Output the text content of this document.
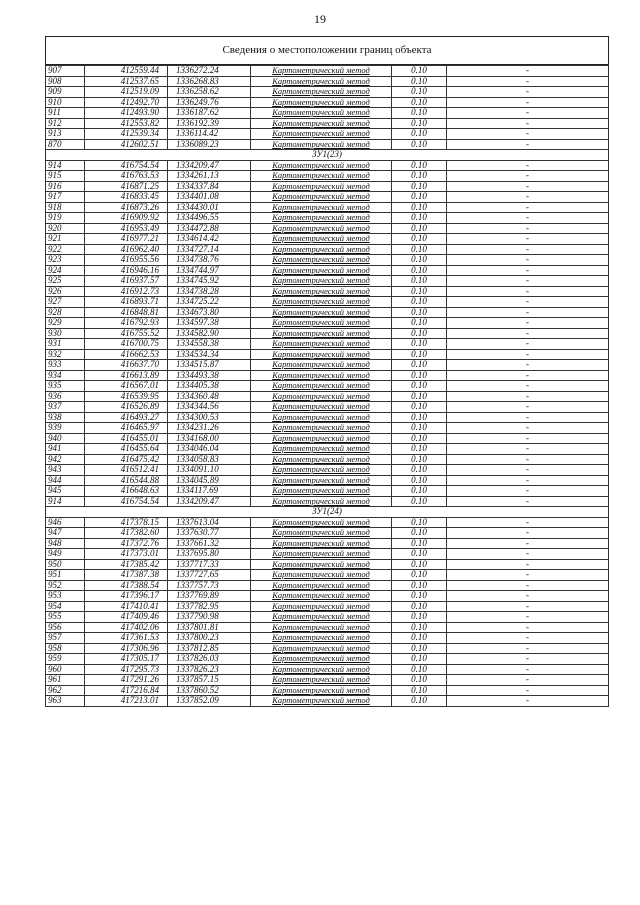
19
Сведения о местоположении границ объекта
907	412559.44	1336272.24	Картометрический метод	0.10	-
908	412537.65	1336268.83	Картометрический метод	0.10	-
909	412519.09	1336258.62	Картометрический метод	0.10	-
910	412492.70	1336249.76	Картометрический метод	0.10	-
911	412493.90	1336187.62	Картометрический метод	0.10	-
912	412553.82	1336192.39	Картометрический метод	0.10	-
913	412539.34	1336114.42	Картометрический метод	0.10	-
870	412602.51	1336089.23	Картометрический метод	0.10	-
ЗУ1(23)					
914	416754.54	1334209.47	Картометрический метод	0.10	-
915	416763.53	1334261.13	Картометрический метод	0.10	-
916	416871.25	1334337.84	Картометрический метод	0.10	-
917	416833.45	1334401.08	Картометрический метод	0.10	-
918	416873.26	1334430.01	Картометрический метод	0.10	-
919	416909.92	1334496.55	Картометрический метод	0.10	-
920	416953.49	1334472.88	Картометрический метод	0.10	-
921	416977.21	1334614.42	Картометрический метод	0.10	-
922	416962.40	1334727.14	Картометрический метод	0.10	-
923	416955.56	1334738.76	Картометрический метод	0.10	-
924	416946.16	1334744.97	Картометрический метод	0.10	-
925	416937.57	1334745.92	Картометрический метод	0.10	-
926	416912.73	1334738.28	Картометрический метод	0.10	-
927	416893.71	1334725.22	Картометрический метод	0.10	-
928	416848.81	1334673.80	Картометрический метод	0.10	-
929	416792.93	1334597.38	Картометрический метод	0.10	-
930	416755.52	1334582.90	Картометрический метод	0.10	-
931	416700.75	1334558.38	Картометрический метод	0.10	-
932	416662.53	1334534.34	Картометрический метод	0.10	-
933	416637.70	1334515.87	Картометрический метод	0.10	-
934	416613.89	1334493.38	Картометрический метод	0.10	-
935	416567.01	1334405.38	Картометрический метод	0.10	-
936	416539.95	1334360.48	Картометрический метод	0.10	-
937	416526.89	1334344.56	Картометрический метод	0.10	-
938	416493.27	1334300.53	Картометрический метод	0.10	-
939	416465.97	1334231.26	Картометрический метод	0.10	-
940	416455.01	1334168.00	Картометрический метод	0.10	-
941	416455.64	1334046.04	Картометрический метод	0.10	-
942	416475.42	1334058.83	Картометрический метод	0.10	-
943	416512.41	1334091.10	Картометрический метод	0.10	-
944	416544.88	1334045.89	Картометрический метод	0.10	-
945	416648.63	1334117.69	Картометрический метод	0.10	-
914	416754.54	1334209.47	Картометрический метод	0.10	-
ЗУ1(24)					
946	417378.15	1337613.04	Картометрический метод	0.10	-
947	417382.60	1337630.77	Картометрический метод	0.10	-
948	417372.76	1337661.32	Картометрический метод	0.10	-
949	417373.01	1337695.80	Картометрический метод	0.10	-
950	417385.42	1337717.33	Картометрический метод	0.10	-
951	417387.38	1337727.65	Картометрический метод	0.10	-
952	417388.54	1337757.73	Картометрический метод	0.10	-
953	417396.17	1337769.89	Картометрический метод	0.10	-
954	417410.41	1337782.95	Картометрический метод	0.10	-
955	417409.46	1337790.98	Картометрический метод	0.10	-
956	417402.06	1337801.81	Картометрический метод	0.10	-
957	417361.53	1337800.23	Картометрический метод	0.10	-
958	417306.96	1337812.85	Картометрический метод	0.10	-
959	417305.17	1337826.03	Картометрический метод	0.10	-
960	417295.73	1337826.23	Картометрический метод	0.10	-
961	417291.26	1337857.15	Картометрический метод	0.10	-
962	417216.84	1337860.52	Картометрический метод	0.10	-
963	417213.01	1337852.09	Картометрический метод	0.10	-
